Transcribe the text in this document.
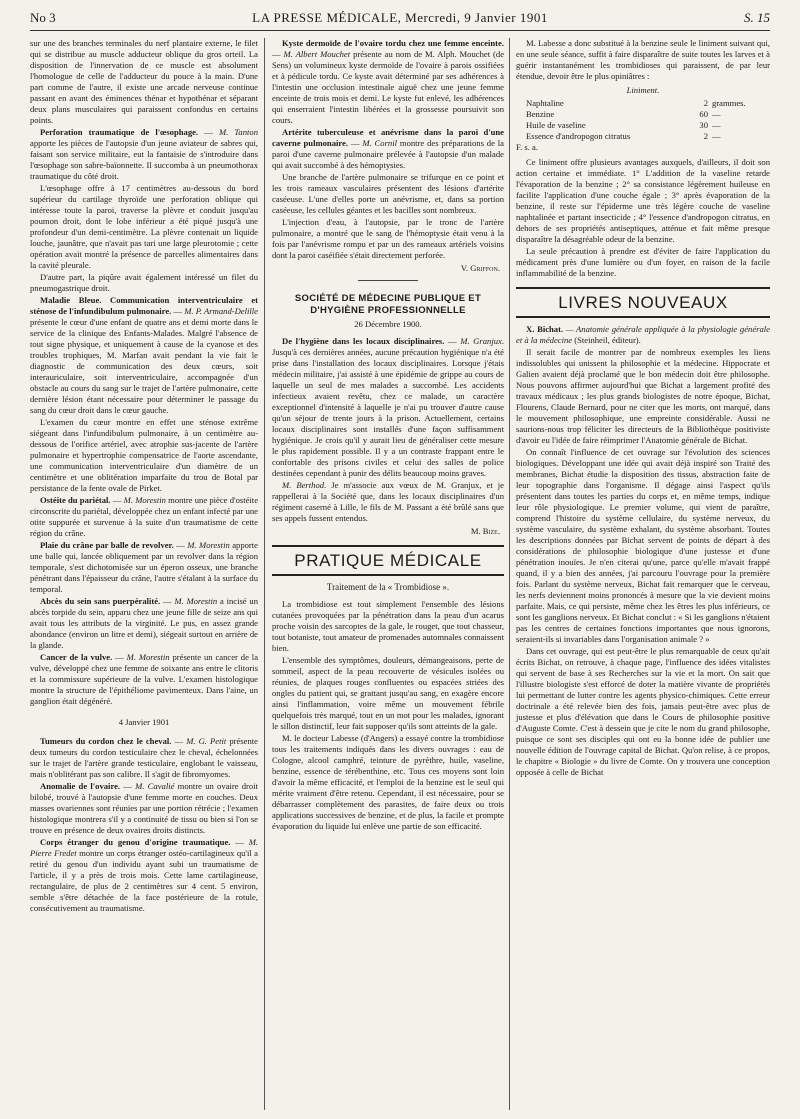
No 3	LA PRESSE MÉDICALE, Mercredi, 9 Janvier 1901	S. 15

sur une des branches terminales du nerf plantaire externe, le filet qui se distribue au muscle adducteur oblique du gros orteil. La disposition de l'innervation de ce muscle est absolument l'homologue de celle de l'adducteur du pouce à la main. D'une part comme de l'autre, il existe une arcade nerveuse continue passant en avant des éminences thénar et hypothénar et séparant deux plans musculaires qui paraissent confondus en certains points.

Perforation traumatique de l'œsophage. — M. Tanton apporte les pièces de l'autopsie d'un jeune aviateur de sabres qui, faisant son service militaire, eut la fantaisie de s'introduire dans l'œsophage son sabre-baïonnette. Il succomba à un pneumothorax traumatique du côté droit.

L'œsophage offre à 17 centimètres au-dessous du bord supérieur du cartilage thyroïde une perforation oblique qui intéresse toute la paroi, traverse la plèvre et conduit jusqu'au poumon droit, dont le lobe inférieur a été piqué jusqu'à une profondeur d'un demi-centimètre. La plèvre contenait un liquide louche, jaunâtre, que n'avait pas tari une large pleurotomie ; cette opération avait montré la présence de parcelles alimentaires dans la cavité pleurale.

D'autre part, la piqûre avait également intéressé un filet du pneumogastrique droit.

Maladie Bleue. Communication interventriculaire et sténose de l'infundibulum pulmonaire. — M. P. Armand-Delille présente le cœur d'une enfant de quatre ans et demi morte dans le service de la clinique des Enfants-Malades. Malgré l'absence de tout signe physique, et uniquement à cause de la cyanose et des troubles trophiques, M. Marfan avait pendant la vie fait le diagnostic de communication des deux cœurs, soit interauriculaire, soit interventriculaire, accompagnée d'un obstacle au cours du sang sur le trajet de l'artère pulmonaire, cette dernière lésion étant nécessaire pour déterminer le passage du sang du cœur droit dans le cœur gauche.

L'examen du cœur montre en effet une sténose extrême siégeant dans l'infundibulum pulmonaire, à un centimètre au-dessous de l'orifice artériel, avec atrophie sus-jacente de l'artère pulmonaire et hypertrophie compensatrice de l'aorte ascendante, une communication interventriculaire d'un diamètre de un centimètre et une oblitération imparfaite du trou de Botal par persistance de la fente ovale de Pirket.

Ostéite du pariétal. — M. Morestin montre une pièce d'ostéite circonscrite du pariétal, développée chez un enfant infecté par une otite suppurée et survenue à la suite d'un traumatisme de cette région du crâne.

Plaie du crâne par balle de revolver. — M. Morestin apporte une balle qui, lancée obliquement par un revolver dans la région temporale, s'est dichotomisée sur un éperon osseux, une branche pénétrant dans l'épaisseur du crâne, l'autre s'étalant à la surface du temporal.

Abcès du sein sans puerpéralité. — M. Morestin a incisé un abcès torpide du sein, apparu chez une jeune fille de seize ans qui avait tous les attributs de la virginité. Le pus, en assez grande abondance (environ un litre et demi), siégeait surtout en arrière de la glande.

Cancer de la vulve. — M. Morestin présente un cancer de la vulve, développé chez une femme de soixante ans entre le clitoris et la commissure supérieure de la vulve. L'examen histologique montre la structure de l'épithéliome pavimenteux. Dans l'aine, un ganglion était dégénéré.

4 Janvier 1901

Tumeurs du cordon chez le cheval. — M. G. Petit présente deux tumeurs du cordon testiculaire chez le cheval, échelonnées sur le trajet de l'artère grande testiculaire, englobant le vaisseau, mais n'oblitérant pas son calibre. Il s'agit de fibromyomes.

Anomalie de l'ovaire. — M. Cavalié montre un ovaire droit bilobé, trouvé à l'autopsie d'une femme morte en couches. Deux masses ovariennes sont réunies par une portion rétrécie ; l'examen histologique montrera s'il y a continuité de tissu ou bien si l'on se trouve en présence de deux ovaires droits distincts.

Corps étranger du genou d'origine traumatique. — M. Pierre Fredet montre un corps étranger ostéo-cartilagineux qu'il a retiré du genou d'un individu ayant subi un traumatisme de l'article, il y a près de trois mois. Cette lame cartilagineuse, rectangulaire, de plus de 2 centimètres sur 4 cent. 5 environ, semble s'être détachée de la face postérieure de la rotule, consécutivement au traumatisme.

Kyste dermoïde de l'ovaire tordu chez une femme enceinte. — M. Albert Mouchet présente au nom de M. Alph. Mouchet (de Sens) un volumineux kyste dermoïde de l'ovaire à parois ossifiées et à pédicule tordu. Ce kyste avait déterminé par ses adhérences à l'intestin une occlusion intestinale aiguë chez une jeune femme enceinte de trois mois et demi. Le kyste fut enlevé, les adhérences qui enserraient l'intestin libérées et la grossesse poursuivit son cours.

Artérite tuberculeuse et anévrisme dans la paroi d'une caverne pulmonaire. — M. Cornil montre des préparations de la paroi d'une caverne pulmonaire prélevée à l'autopsie d'un malade qui avait succombé à des hémoptysies.

Une branche de l'artère pulmonaire se trifurque en ce point et les trois rameaux vasculaires présentent des lésions d'artérite caséeuse. L'une d'elles porte un anévrisme, et, dans sa portion caséeuse, les cellules géantes et les bacilles sont nombreux.

L'injection d'eau, à l'autopsie, par le tronc de l'artère pulmonaire, a montré que le sang de l'hémoptysie était venu à la fois par l'anévrisme rompu et par un des rameaux artériels voisins dont la paroi caséifiée s'était directement perforée.

V. Griffon.

SOCIÉTÉ DE MÉDECINE PUBLIQUE ET D'HYGIÈNE PROFESSIONNELLE
26 Décembre 1900.

De l'hygiène dans les locaux disciplinaires. — M. Granjux. Jusqu'à ces dernières années, aucune précaution hygiénique n'a été prise dans l'installation des locaux disciplinaires. Lorsque j'étais médecin militaire, j'ai assisté à une épidémie de grippe au cours de laquelle un seul de mes malades a succombé. Les accidents infectieux avaient revêtu, chez ce malade, un caractère exceptionnel d'intensité à laquelle je n'ai pu trouver d'autre cause qu'un séjour de trente jours à la prison. Actuellement, certains locaux disciplinaires sont installés d'une façon suffisamment hygiénique. Je crois qu'il y aurait lieu de généraliser cette mesure le plus rapidement possible. Il y a un contraste frappant entre le confortable des prisons civiles et celui des salles de police destinées cependant à punir des délits beaucoup moins graves.

M. Berthod. Je m'associe aux vœux de M. Granjux, et je rappellerai à la Société que, dans les locaux disciplinaires d'un régiment caserné à Lille, le fils de M. Passant a été brûlé sans que ses appels fussent entendus.

M. Bize.

PRATIQUE MÉDICALE
Traitement de la « Trombidiose ».

La trombidiose est tout simplement l'ensemble des lésions cutanées provoquées par la pénétration dans la peau d'un acarus proche voisin des sarcoptes de la gale, le rouget, que tout chasseur, tout botaniste, tout amateur de promenades automnales connaissent bien.

L'ensemble des symptômes, douleurs, démangeaisons, perte de sommeil, aspect de la peau recouverte de vésicules isolées ou réunies, de plaques rouges confluentes ou espacées striées des ongles du patient qui, se grattant jusqu'au sang, en exagère encore ainsi l'inflammation, voire même un mouvement fébrile quelquefois très marqué, tout en un mot pour les malades, ignorant le sillon distinctif, leur fait supposer qu'ils sont atteints de la gale.

M. le docteur Labesse (d'Angers) a essayé contre la trombidiose tous les traitements indiqués dans les divers ouvrages : eau de Cologne, alcool camphré, teinture de pyrèthre, huile, vaseline, benzine, essence de térébenthine, etc. Tous ces moyens sont loin d'avoir la même efficacité, et l'emploi de la benzine est le seul qui mérite vraiment d'être retenu. Cependant, il est nécessaire, pour se débarrasser complètement des parasites, de faire deux ou trois applications successives de benzine, et de plus, la facile et prompte évaporation du liquide lui enlève une partie de son efficacité.

M. Labesse a donc substitué à la benzine seule le liniment suivant qui, en une seule séance, suffit à faire disparaître de suite toutes les larves et à guérir instantanément les trombidioses qui paraissent, de par leur étendue, devoir être le plus opiniâtres :

Liniment.
Naphtaline	2	grammes.
Benzine	60	—
Huile de vaseline	30	—
Essence d'andropogon citratus	2	—
F. s. a.		

Ce liniment offre plusieurs avantages auxquels, d'ailleurs, il doit son action certaine et immédiate. 1° L'addition de la vaseline retarde l'évaporation de la benzine ; 2° sa consistance légèrement huileuse en facilite l'application d'une couche égale ; 3° après évaporation de la benzine, il reste sur l'épiderme une très légère couche de vaseline naphtalinée et partant insecticide ; 4° l'essence d'andropogon citratus, en dehors de ses propriétés antiseptiques, atténue et fait même presque disparaître la désagréable odeur de la benzine.

La seule précaution à prendre est d'éviter de faire l'application du médicament près d'une lumière ou d'un foyer, en raison de la facile inflammabilité de la benzine.

LIVRES NOUVEAUX

X. Bichat. — Anatomie générale appliquée à la physiologie générale et à la médecine (Steinheil, éditeur).

Il serait facile de montrer par de nombreux exemples les liens indissolubles qui unissent la philosophie et la médecine. Hippocrate et Galien avaient déjà proclamé que le bon médecin doit être philosophe. Nous pouvons affirmer aujourd'hui que Bichat a largement profité des travaux médicaux ; les plus grands biologistes de notre époque, Bichat, Flourens, Claude Bernard, pour ne citer que les morts, ont marqué, dans le mouvement philosophique, une empreinte considérable. Aussi ne saurions-nous trop féliciter les directeurs de la Bibliothèque positiviste d'avoir eu l'idée de faire réimprimer l'Anatomie générale de Bichat.

On connaît l'influence de cet ouvrage sur l'évolution des sciences biologiques. Développant une idée qui avait déjà inspiré son Traité des membranes, Bichat étudie la disposition des tissus, abstraction faite de leur topographie dans l'organisme. Il dégage ainsi l'aspect qu'ils présentent dans toutes les parties du corps et, en même temps, indique leur rôle physiologique. Le premier volume, qui vient de paraître, comprend l'histoire du système cellulaire, du système nerveux, du système vasculaire, du système exhalant, du système absorbant. Toutes les descriptions données par Bichat servent de points de départ à des considérations de philosophie biologique d'une justesse et d'une pénétration inouïes. Je n'en citerai qu'une, parce qu'elle m'avait frappé quand, il y a bien des années, j'ai parcouru l'ouvrage pour la première fois. Parlant du système nerveux, Bichat fait remarquer que le cerveau, les nerfs deviennent moins prononcés à mesure que la vie devient moins parfaite. Mais, ce qui persiste, même chez les êtres les plus inférieurs, ce sont les ganglions nerveux. Et Bichat conclut : « Si les ganglions n'étaient pas les centres de certaines fonctions importantes que nous ignorons, seraient-ils si invariables dans l'organisation animale ? »

Dans cet ouvrage, qui est peut-être le plus remarquable de ceux qu'ait écrits Bichat, on retrouve, à chaque page, l'influence des idées vitalistes qui servent de base à ses Recherches sur la vie et la mort. On sait que l'illustre biologiste s'est efforcé de doter la matière vivante de propriétés lui permettant de lutter contre les agents physico-chimiques. Cette erreur doctrinale a été relevée bien des fois, jamais peut-être avec plus de justesse et plus d'élévation que dans le Cours de philosophie positive d'Auguste Comte. C'est à dessein que je cite le nom du grand philosophe, puisque ce sont ses disciples qui ont eu la bonne idée de publier une nouvelle édition de l'ouvrage capital de Bichat. Qu'on relise, à ce propos, le chapitre « Biologie » du livre de Comte. On y trouvera une conception opposée à celle de Bichat
